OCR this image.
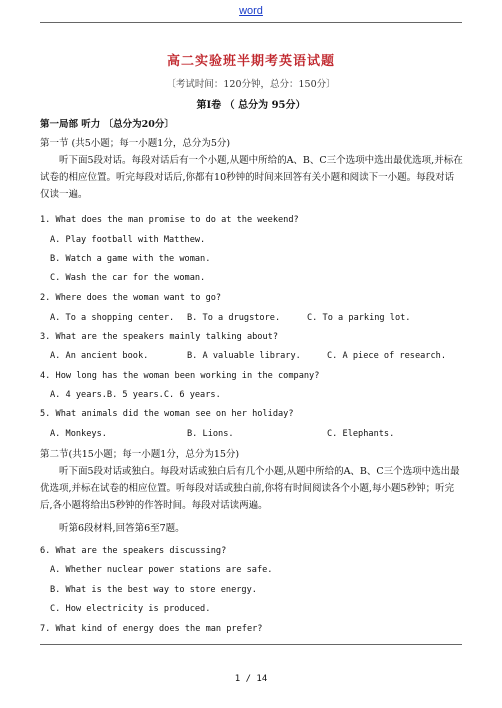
word
高二实验班半期考英语试题
〔考试时间：120分钟，总分：150分〕
第Ⅰ卷 （ 总分为 95分）
第一局部 听力 〔总分为20分〕
第一节 (共5小题；每一小题1分，总分为5分)
听下面5段对话。每段对话后有一个小题,从题中所给的A、B、C三个选项中选出最优选项,并标在试卷的相应位置。听完每段对话后,你都有10秒钟的时间来回答有关小题和阅读下一小题。每段对话仅读一遍。
1. What does the man promise to do at the weekend?
A. Play football with Matthew.
B. Watch a game with the woman.
C. Wash the car for the woman.
2. Where does the woman want to go?
A. To a shopping center. B. To a drugstore.	C. To a parking lot.
3. What are the speakers mainly talking about?
A. An ancient book.	B. A valuable library.	C. A piece of research.
4. How long has the woman been working in the company?
A. 4 years.B. 5 years.C. 6 years.
5. What animals did the woman see on her holiday?
A. Monkeys.	B. Lions.	C. Elephants.
第二节(共15小题；每一小题1分，总分为15分)
听下面5段对话或独白。每段对话或独白后有几个小题,从题中所给的A、B、C三个选项中选出最优选项,并标在试卷的相应位置。听每段对话或独白前,你将有时间阅读各个小题,每小题5秒钟；听完后,各小题将给出5秒钟的作答时间。每段对话读两遍。
听第6段材料,回答第6至7题。
6. What are the speakers discussing?
A. Whether nuclear power stations are safe.
B. What is the best way to store energy.
C. How electricity is produced.
7. What kind of energy does the man prefer?
1 / 14
